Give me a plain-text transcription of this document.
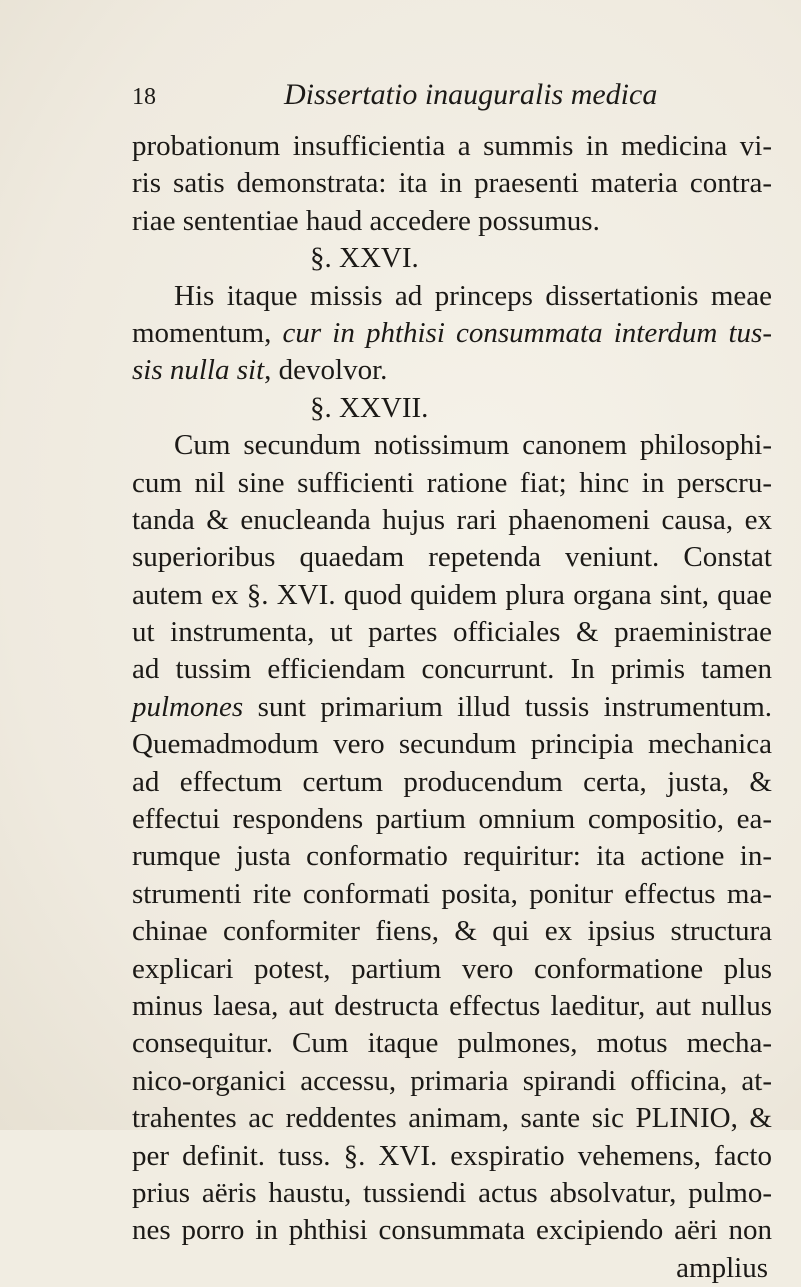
18	Dissertatio inauguralis medica
probationum insufficientia a summis in medicina vi-
ris satis demonstrata: ita in praesenti materia contra-
riae sententiae haud accedere possumus.
§. XXVI.
His itaque missis ad princeps dissertationis meae
momentum, cur in phthisi consummata interdum tus-
sis nulla sit, devolvor.
§. XXVII.
Cum secundum notissimum canonem philosophi-
cum nil sine sufficienti ratione fiat; hinc in perscru-
tanda & enucleanda hujus rari phaenomeni causa, ex
superioribus quaedam repetenda veniunt. Constat
autem ex §. XVI. quod quidem plura organa sint, quae
ut instrumenta, ut partes officiales & praeministrae
ad tussim efficiendam concurrunt. In primis tamen
pulmones sunt primarium illud tussis instrumentum.
Quemadmodum vero secundum principia mechanica
ad effectum certum producendum certa, justa, &
effectui respondens partium omnium compositio, ea-
rumque justa conformatio requiritur: ita actione in-
strumenti rite conformati posita, ponitur effectus ma-
chinae conformiter fiens, & qui ex ipsius structura
explicari potest, partium vero conformatione plus
minus laesa, aut destructa effectus laeditur, aut nullus
consequitur. Cum itaque pulmones, motus mecha-
nico-organici accessu, primaria spirandi officina, at-
trahentes ac reddentes animam, sante sic PLINIO, &
per definit. tuss. §. XVI. exspiratio vehemens, facto
prius aëris haustu, tussiendi actus absolvatur, pulmo-
nes porro in phthisi consummata excipiendo aëri non
amplius
